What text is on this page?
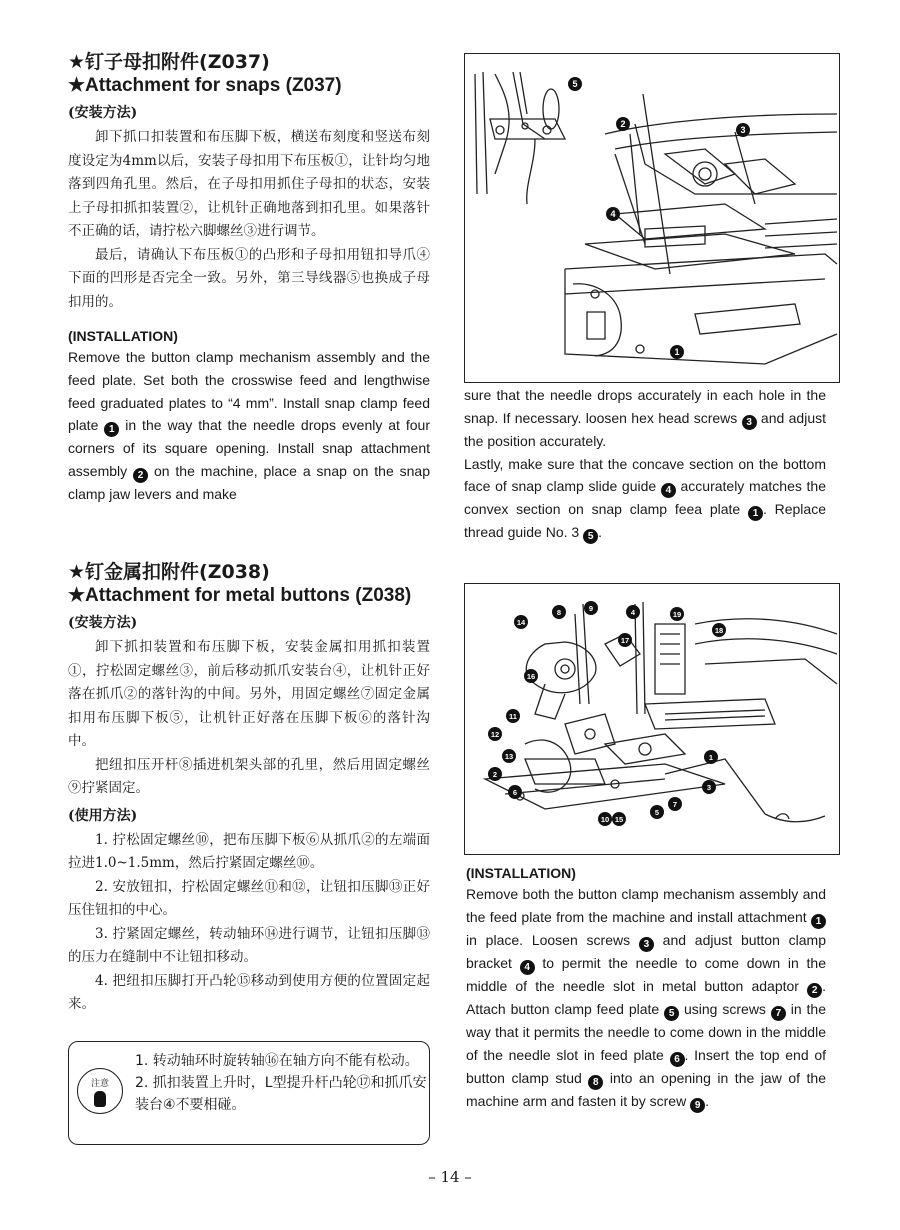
★钉子母扣附件(Z037)

★Attachment for snaps (Z037)

(安装方法)

卸下抓口扣装置和布压脚下板，横送布刻度和竖送布刻度设定为4mm以后，安装子母扣用下布压板①，让针均匀地落到四角孔里。然后，在子母扣用抓住子母扣的状态，安装上子母扣抓扣装置②，让机针正确地落到扣孔里。如果落针不正确的话，请拧松六脚螺丝③进行调节。

最后，请确认下布压板①的凸形和子母扣用钮扣导爪④下面的凹形是否完全一致。另外，第三导线器⑤也换成子母扣用的。

(INSTALLATION)

Remove the button clamp mechanism assembly and the feed plate. Set both the crosswise feed and lengthwise feed graduated plates to “4 mm”. Install snap clamp feed plate 1 in the way that the needle drops evenly at four corners of its square opening. Install snap attachment assembly 2 on the machine, place a snap on the snap clamp jaw levers and make

5
2
3
4
1

sure that the needle drops accurately in each hole in the snap. If necessary. loosen hex head screws 3 and adjust the position accurately.
Lastly, make sure that the concave section on the bottom face of snap clamp slide guide 4 accurately matches the convex section on snap clamp feea plate 1 . Replace thread guide No. 3 5 .

★钉金属扣附件(Z038)

★Attachment for metal buttons (Z038)

(安装方法)

卸下抓扣装置和布压脚下板，安装金属扣用抓扣装置①，拧松固定螺丝③，前后移动抓爪安装台④，让机针正好落在抓爪②的落针沟的中间。另外，用固定螺丝⑦固定金属扣用布压脚下板⑤，让机针正好落在压脚下板⑥的落针沟中。

把纽扣压开杆⑧插进机架头部的孔里，然后用固定螺丝⑨拧紧固定。

(使用方法)

1. 拧松固定螺丝⑩，把布压脚下板⑥从抓爪②的左端面拉进1.0~1.5mm，然后拧紧固定螺丝⑩。

2. 安放钮扣，拧松固定螺丝⑪和⑫，让钮扣压脚⑬正好压住钮扣的中心。

3. 拧紧固定螺丝，转动轴环⑭进行调节，让钮扣压脚⑬的压力在缝制中不让钮扣移动。

4. 把纽扣压脚打开凸轮⑮移动到使用方便的位置固定起来。

注意
1. 转动轴环时旋转轴⑯在轴方向不能有松动。
2. 抓扣装置上升时，L型提升杆凸轮⑰和抓爪安装台④不要相碰。
14
8	9	4	19
18
17
16
11
12
13
2
6
1
3
10 15
5
7

(INSTALLATION)

Remove both the button clamp mechanism assembly and the feed plate from the machine and install attachment 1 in place. Loosen screws 3 and adjust button clamp bracket 4 to permit the needle to come down in the middle of the needle slot in metal button adaptor 2 . Attach button clamp feed plate 5 using screws 7 in the way that it permits the needle to come down in the middle of the needle slot in feed plate 6 . Insert the top end of button clamp stud 8 into an opening in the jaw of the machine arm and fasten it by screw 9 .

– 14 –
